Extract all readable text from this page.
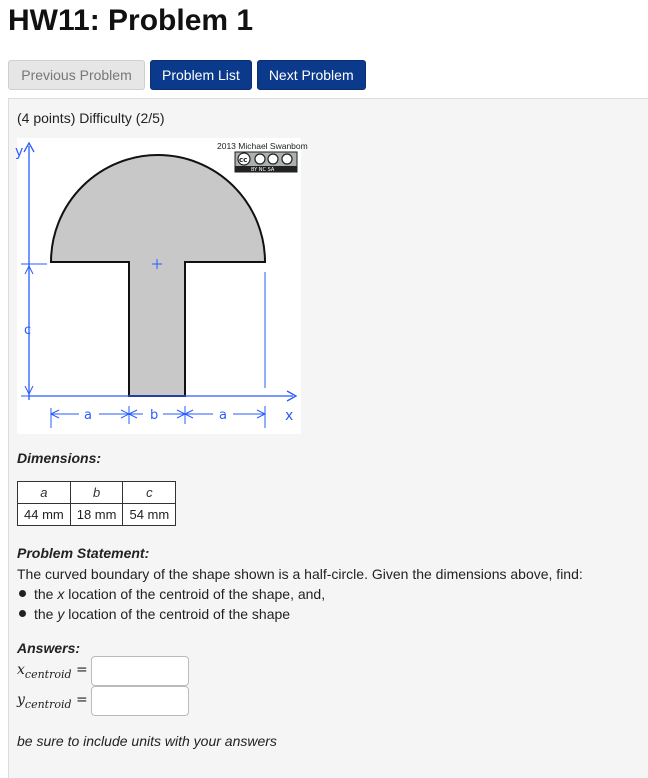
HW11: Problem 1
Previous Problem	Problem List	Next Problem
(4 points) Difficulty (2/5)
y
c
x
a	b	a
2013 Michael Swanbom
cc
BY NC SA
Dimensions:
a	b	c
44 mm	18 mm	54 mm
Problem Statement:
The curved boundary of the shape shown is a half-circle. Given the dimensions above, find:
the x location of the centroid of the shape, and,
the y location of the centroid of the shape
Answers:
$x_{centroid}$ =
$y_{centroid}$ =
be sure to include units with your answers
